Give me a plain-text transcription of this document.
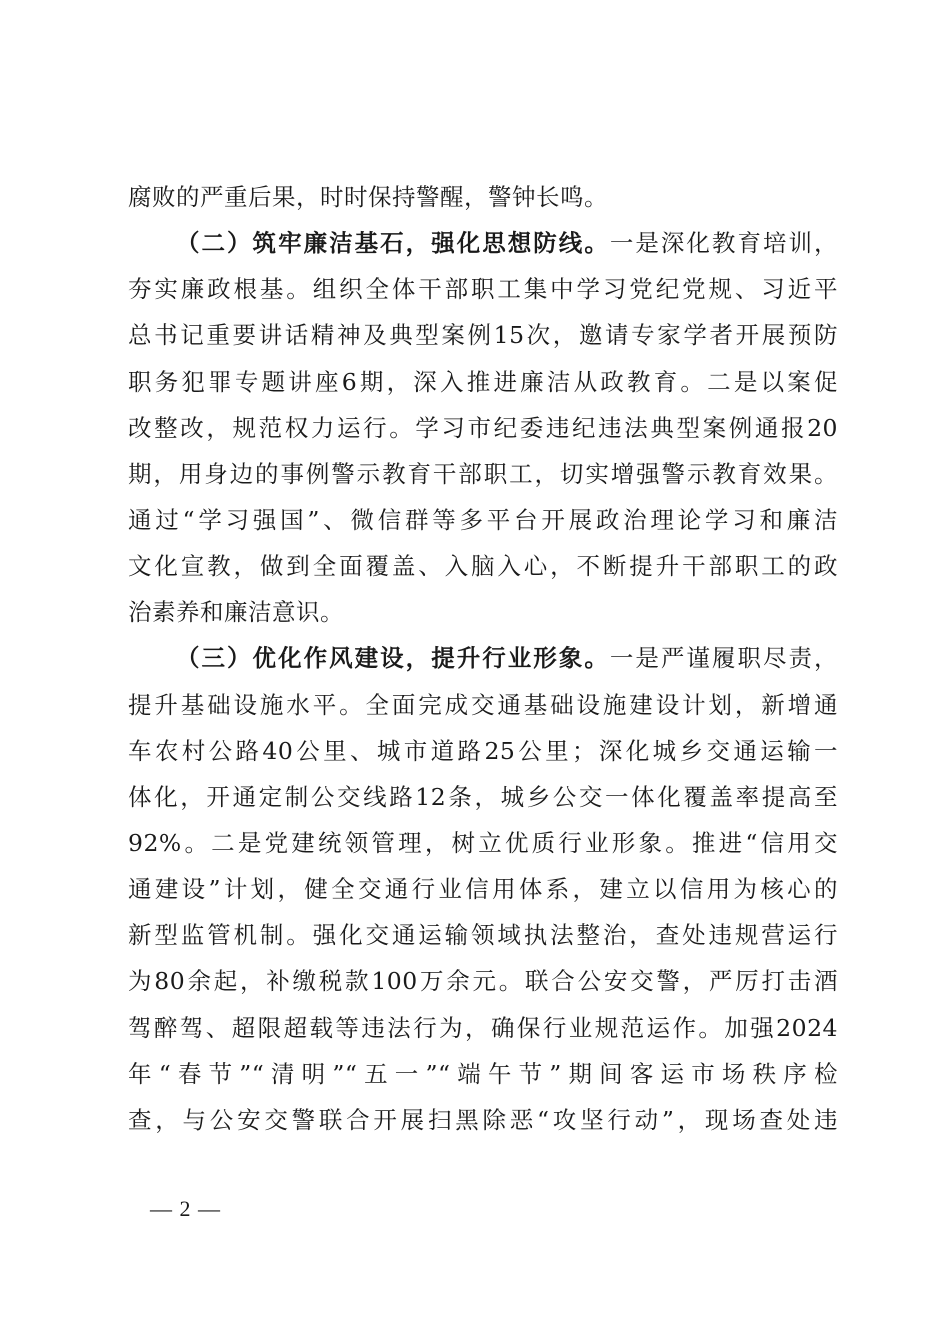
腐败的严重后果，时时保持警醒，警钟长鸣。
（二）筑牢廉洁基石，强化思想防线。一是深化教育培训，
夯实廉政根基。组织全体干部职工集中学习党纪党规、习近平
总书记重要讲话精神及典型案例15次，邀请专家学者开展预防
职务犯罪专题讲座6期，深入推进廉洁从政教育。二是以案促
改整改，规范权力运行。学习市纪委违纪违法典型案例通报20
期，用身边的事例警示教育干部职工，切实增强警示教育效果。
通过“学习强国”、微信群等多平台开展政治理论学习和廉洁
文化宣教，做到全面覆盖、入脑入心，不断提升干部职工的政
治素养和廉洁意识。
（三）优化作风建设，提升行业形象。一是严谨履职尽责，
提升基础设施水平。全面完成交通基础设施建设计划，新增通
车农村公路40公里、城市道路25公里；深化城乡交通运输一
体化，开通定制公交线路12条，城乡公交一体化覆盖率提高至
92%。二是党建统领管理，树立优质行业形象。推进“信用交
通建设”计划，健全交通行业信用体系，建立以信用为核心的
新型监管机制。强化交通运输领域执法整治，查处违规营运行
为80余起，补缴税款100万余元。联合公安交警，严厉打击酒
驾醉驾、超限超载等违法行为，确保行业规范运作。加强2024
年“春节”“清明”“五一”“端午节”期间客运市场秩序检
查，与公安交警联合开展扫黑除恶“攻坚行动”，现场查处违
— 2 —
